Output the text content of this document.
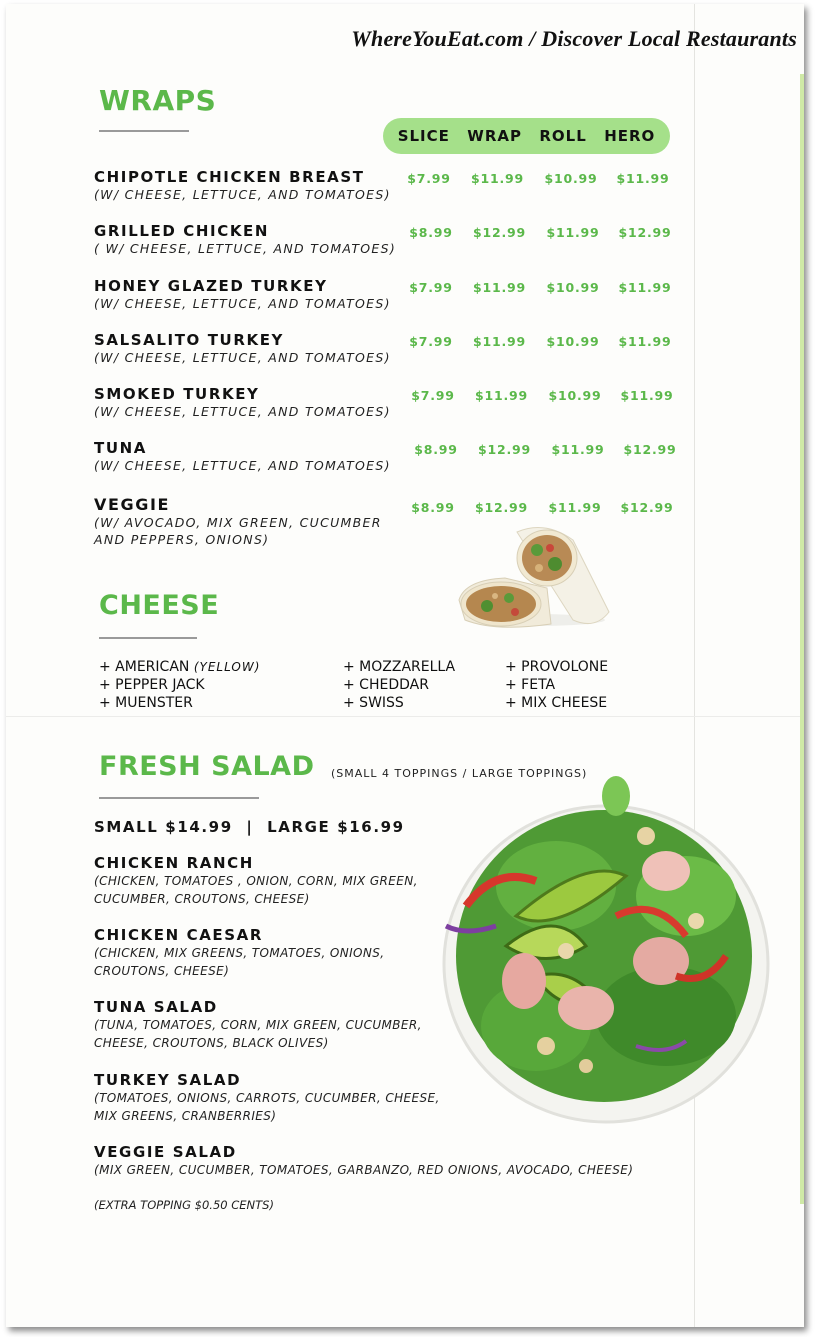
WhereYouEat.com / Discover Local Restaurants
WRAPS
SLICE WRAP ROLL HERO
CHIPOTLE CHICKEN BREAST
(W/ CHEESE, LETTUCE, AND TOMATOES)
$7.99	$11.99	$10.99	$11.99
GRILLED CHICKEN
( W/ CHEESE, LETTUCE, AND TOMATOES)
$8.99	$12.99	$11.99	$12.99
HONEY GLAZED TURKEY
(W/ CHEESE, LETTUCE, AND TOMATOES)
$7.99	$11.99	$10.99	$11.99
SALSALITO TURKEY
(W/ CHEESE, LETTUCE, AND TOMATOES)
$7.99	$11.99	$10.99	$11.99
SMOKED TURKEY
(W/ CHEESE, LETTUCE, AND TOMATOES)
$7.99	$11.99	$10.99	$11.99
TUNA
(W/ CHEESE, LETTUCE, AND TOMATOES)
$8.99	$12.99	$11.99	$12.99
VEGGIE
(W/ AVOCADO, MIX GREEN, CUCUMBER
AND PEPPERS, ONIONS)
$8.99	$12.99	$11.99	$12.99
CHEESE
+ AMERICAN (YELLOW)
+ PEPPER JACK
+ MUENSTER
+ MOZZARELLA
+ CHEDDAR
+ SWISS
+ PROVOLONE
+ FETA
+ MIX CHEESE
FRESH SALAD (SMALL 4 TOPPINGS / LARGE TOPPINGS)
SMALL $14.99  |  LARGE $16.99
CHICKEN RANCH
(CHICKEN, TOMATOES , ONION, CORN, MIX GREEN,
CUCUMBER, CROUTONS, CHEESE)
CHICKEN CAESAR
(CHICKEN, MIX GREENS, TOMATOES, ONIONS,
CROUTONS, CHEESE)
TUNA SALAD
(TUNA, TOMATOES, CORN, MIX GREEN, CUCUMBER,
CHEESE, CROUTONS, BLACK OLIVES)
TURKEY SALAD
(TOMATOES, ONIONS, CARROTS, CUCUMBER, CHEESE,
MIX GREENS, CRANBERRIES)
VEGGIE SALAD
(MIX GREEN, CUCUMBER, TOMATOES, GARBANZO, RED ONIONS, AVOCADO, CHEESE)
(EXTRA TOPPING $0.50 CENTS)
